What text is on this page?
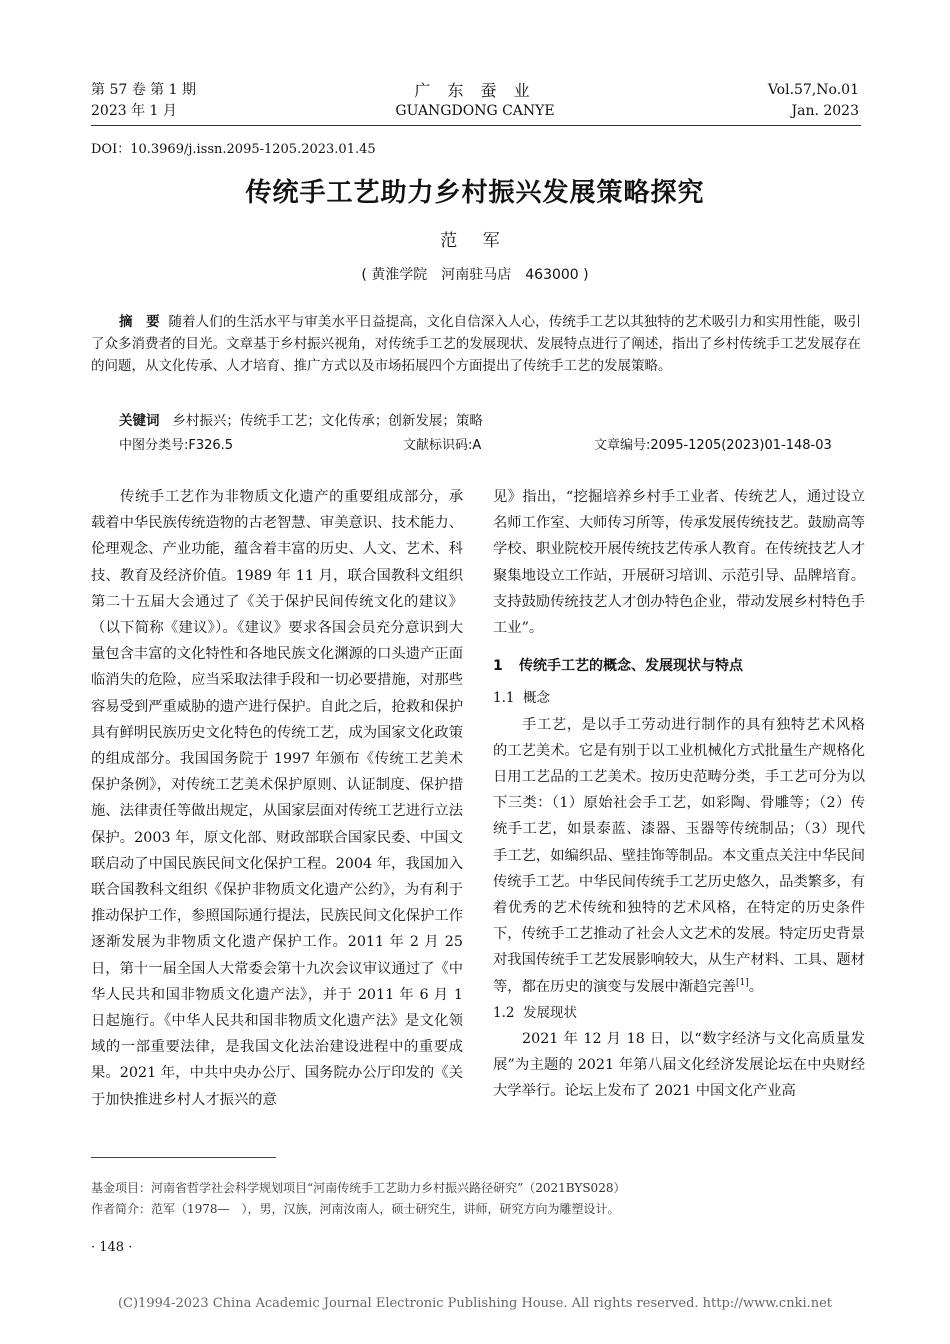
第 57 卷 第 1 期
2023 年 1 月
广 东 蚕 业
GUANGDONG CANYE
Vol.57,No.01
Jan. 2023
DOI：10.3969/j.issn.2095-1205.2023.01.45
传统手工艺助力乡村振兴发展策略探究
范 军
( 黄淮学院　河南驻马店　463000 )
摘　要 随着人们的生活水平与审美水平日益提高，文化自信深入人心，传统手工艺以其独特的艺术吸引力和实用性能，吸引了众多消费者的目光。文章基于乡村振兴视角，对传统手工艺的发展现状、发展特点进行了阐述，指出了乡村传统手工艺发展存在的问题，从文化传承、人才培育、推广方式以及市场拓展四个方面提出了传统手工艺的发展策略。
关键词 乡村振兴；传统手工艺；文化传承；创新发展；策略
中图分类号:F326.5	文献标识码:A	文章编号:2095-1205(2023)01-148-03

传统手工艺作为非物质文化遗产的重要组成部分，承载着中华民族传统造物的古老智慧、审美意识、技术能力、伦理观念、产业功能，蕴含着丰富的历史、人文、艺术、科技、教育及经济价值。1989 年 11 月，联合国教科文组织第二十五届大会通过了《关于保护民间传统文化的建议》（以下简称《建议》）。《建议》要求各国会员充分意识到大量包含丰富的文化特性和各地民族文化渊源的口头遗产正面临消失的危险，应当采取法律手段和一切必要措施，对那些容易受到严重威胁的遗产进行保护。自此之后，抢救和保护具有鲜明民族历史文化特色的传统工艺，成为国家文化政策的组成部分。我国国务院于 1997 年颁布《传统工艺美术保护条例》，对传统工艺美术保护原则、认证制度、保护措施、法律责任等做出规定，从国家层面对传统工艺进行立法保护。2003 年，原文化部、财政部联合国家民委、中国文联启动了中国民族民间文化保护工程。2004 年，我国加入联合国教科文组织《保护非物质文化遗产公约》，为有利于推动保护工作，参照国际通行提法，民族民间文化保护工作逐渐发展为非物质文化遗产保护工作。2011 年 2 月 25 日，第十一届全国人大常委会第十九次会议审议通过了《中华人民共和国非物质文化遗产法》，并于 2011 年 6 月 1 日起施行。《中华人民共和国非物质文化遗产法》是文化领域的一部重要法律，是我国文化法治建设进程中的重要成果。2021 年，中共中央办公厅、国务院办公厅印发的《关于加快推进乡村人才振兴的意

见》指出，“挖掘培养乡村手工业者、传统艺人，通过设立名师工作室、大师传习所等，传承发展传统技艺。鼓励高等学校、职业院校开展传统技艺传承人教育。在传统技艺人才聚集地设立工作站，开展研习培训、示范引导、品牌培育。支持鼓励传统技艺人才创办特色企业，带动发展乡村特色手工业”。

1 传统手工艺的概念、发展现状与特点

1.1 概念

手工艺，是以手工劳动进行制作的具有独特艺术风格的工艺美术。它是有别于以工业机械化方式批量生产规格化日用工艺品的工艺美术。按历史范畴分类，手工艺可分为以下三类：（1）原始社会手工艺，如彩陶、骨雕等；（2）传统手工艺，如景泰蓝、漆器、玉器等传统制品；（3）现代手工艺，如编织品、壁挂饰等制品。本文重点关注中华民间传统手工艺。中华民间传统手工艺历史悠久，品类繁多，有着优秀的艺术传统和独特的艺术风格，在特定的历史条件下，传统手工艺推动了社会人文艺术的发展。特定历史背景对我国传统手工艺发展影响较大，从生产材料、工具、题材等，都在历史的演变与发展中渐趋完善[1]。

1.2 发展现状

2021 年 12 月 18 日，以“数字经济与文化高质量发展”为主题的 2021 年第八届文化经济发展论坛在中央财经大学举行。论坛上发布了 2021 中国文化产业高

基金项目：河南省哲学社会科学规划项目“河南传统手工艺助力乡村振兴路径研究”（2021BYS028）
作者简介：范军（1978—　），男，汉族，河南汝南人，硕士研究生，讲师，研究方向为雕塑设计。
· 148 ·
(C)1994-2023 China Academic Journal Electronic Publishing House. All rights reserved. http://www.cnki.net
